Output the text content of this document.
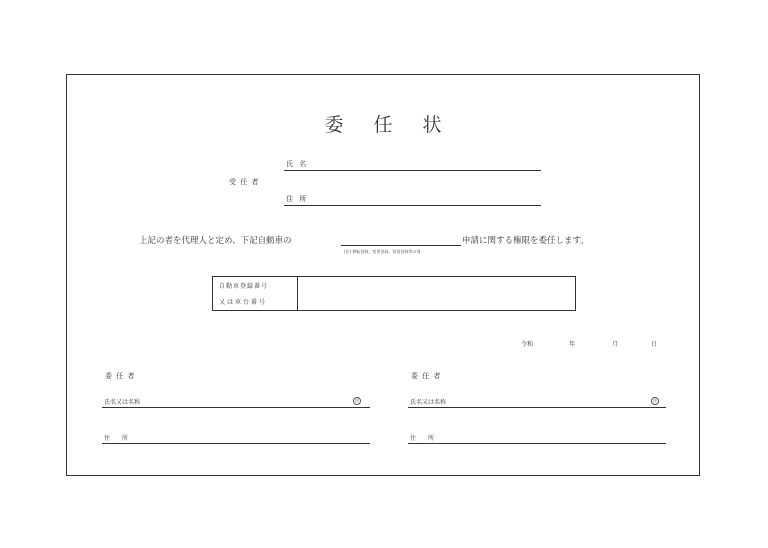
委任状
受 任 者
氏 名
住 所
上記の者を代理人と定め、下記自動車の	申請に関する権限を委任します。
(注) 移転登録、変更登録、抹消登録等の別
自動車登録番号
又は車台番号
令和	年	月	日
委 任 者
氏名又は名称	㊞
住　　所
委 任 者
氏名又は名称	㊞
住　　所
